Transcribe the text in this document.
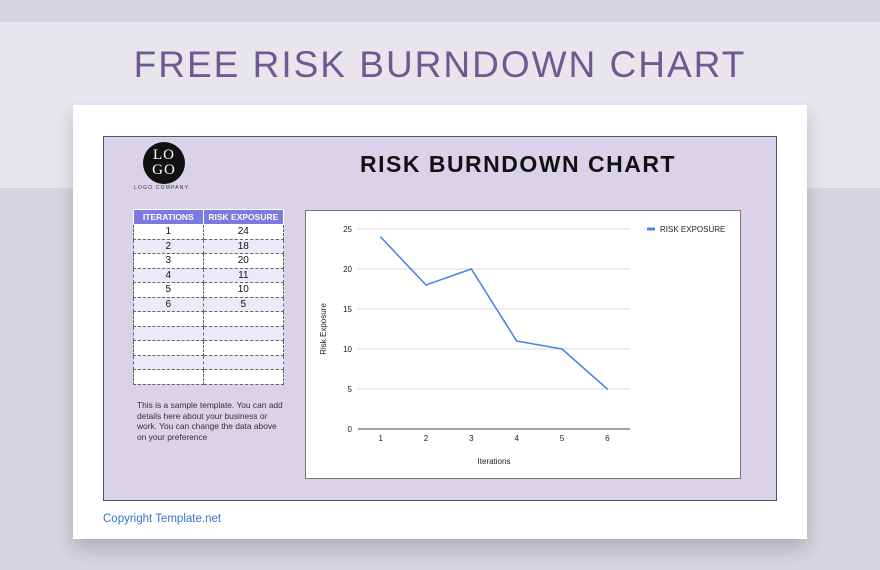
FREE RISK BURNDOWN CHART
LO
GO
LOGO COMPANY
RISK BURNDOWN CHART
ITERATIONS	RISK EXPOSURE
1	24
2	18
3	20
4	11
5	10
6	5

This is a sample template. You can add details here about your business or work. You can change the data above on your preference
0
5
10
15
20
25
1	2	3	4	5	6
Iterations
Risk Exposure
RISK EXPOSURE
Copyright Template.net
